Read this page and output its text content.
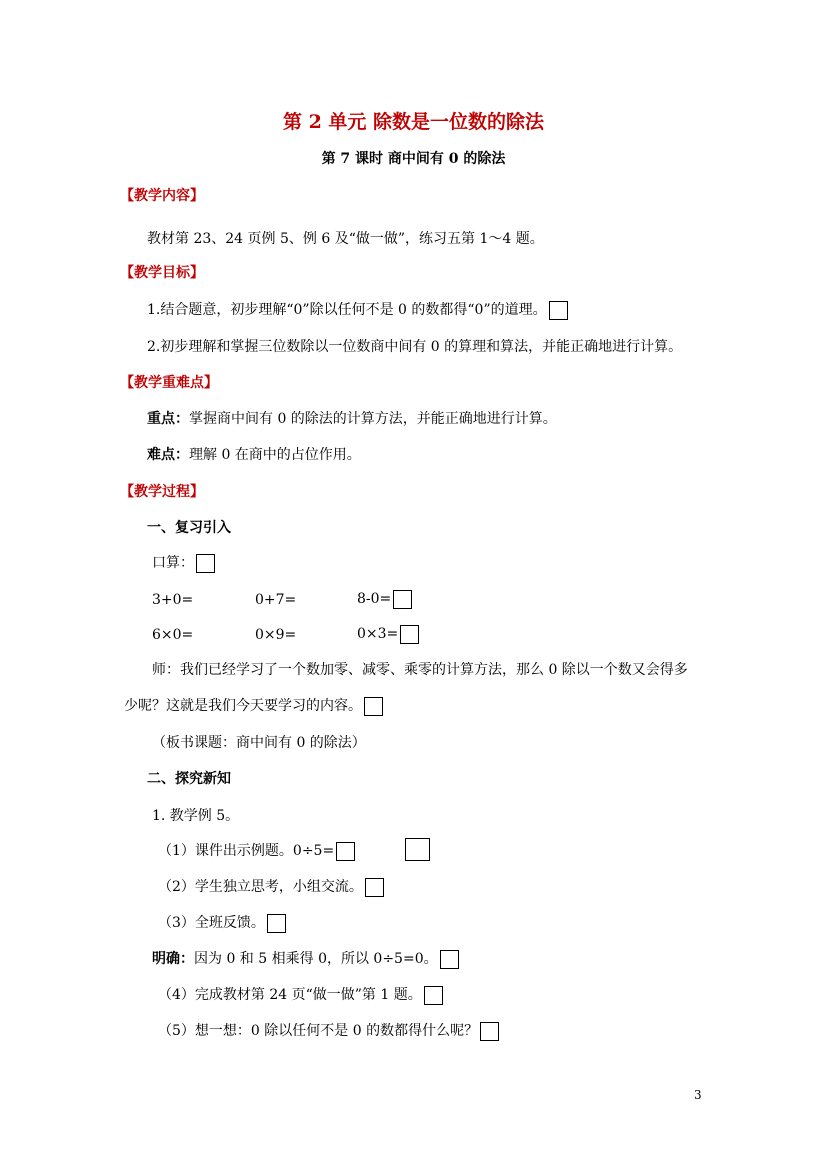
第 2 单元 除数是一位数的除法
第 7 课时 商中间有 0 的除法
【教学内容】
教材第 23、24 页例 5、例 6 及“做一做”，练习五第 1～4 题。
【教学目标】
1.结合题意，初步理解“0”除以任何不是 0 的数都得“0”的道理。
2.初步理解和掌握三位数除以一位数商中间有 0 的算理和算法，并能正确地进行计算。
【教学重难点】
重点：掌握商中间有 0 的除法的计算方法，并能正确地进行计算。
难点：理解 0 在商中的占位作用。
【教学过程】
一、复习引入
口算：
3+0=	0+7=	8-0=
6×0=	0×9=	0×3=
师：我们已经学习了一个数加零、减零、乘零的计算方法，那么 0 除以一个数又会得多
少呢？这就是我们今天要学习的内容。
（板书课题：商中间有 0 的除法）
二、探究新知
1. 教学例 5。
（1）课件出示例题。0÷5=
（2）学生独立思考，小组交流。
（3）全班反馈。
明确：因为 0 和 5 相乘得 0，所以 0÷5=0。
（4）完成教材第 24 页“做一做”第 1 题。
（5）想一想：0 除以任何不是 0 的数都得什么呢？
3
